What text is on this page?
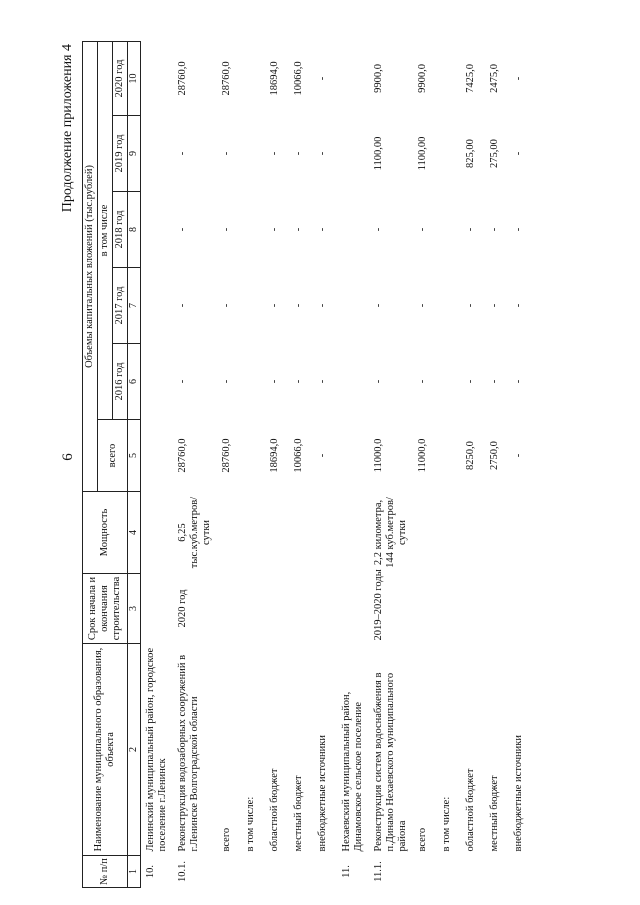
6
Продолжение приложения 4
№ п/п	Наименование муниципального образования, объекта	Срок начала и окончания строительства	Мощность	Объемы капитальных вложений (тыс.рублей)					
				всего	в том числе				
					2016 год	2017 год	2018 год	2019 год	2020 год
1	2	3	4	5	6	7	8	9	10
10.	Ленинский муниципальный район, городское поселение г.Ленинск								
10.1.	Реконструкция водозаборных сооружений в г.Ленинске Волгоградской области	2020 год	6,25 тыс.куб.метров/ сутки	28760,0	-	-	-	-	28760,0
	всего			28760,0	-	-	-	-	28760,0
	в том числе:								
	областной бюджет			18694,0	-	-	-	-	18694,0
	местный бюджет			10066,0	-	-	-	-	10066,0
	внебюджетные источники			-	-	-	-	-	-
11.	Нехаевский муниципальный район, Динамовское сельское поселение								
11.1.	Реконструкция систем водоснабжения в п.Динамо Нехаевского муниципального района	2019–2020 годы	2,2 километра, 144 куб.метров/ сутки	11000,0	-	-	-	1100,00	9900,0
	всего			11000,0	-	-	-	1100,00	9900,0
	в том числе:								
	областной бюджет			8250,0	-	-	-	825,00	7425,0
	местный бюджет			2750,0	-	-	-	275,00	2475,0
	внебюджетные источники			-	-	-	-	-	-
